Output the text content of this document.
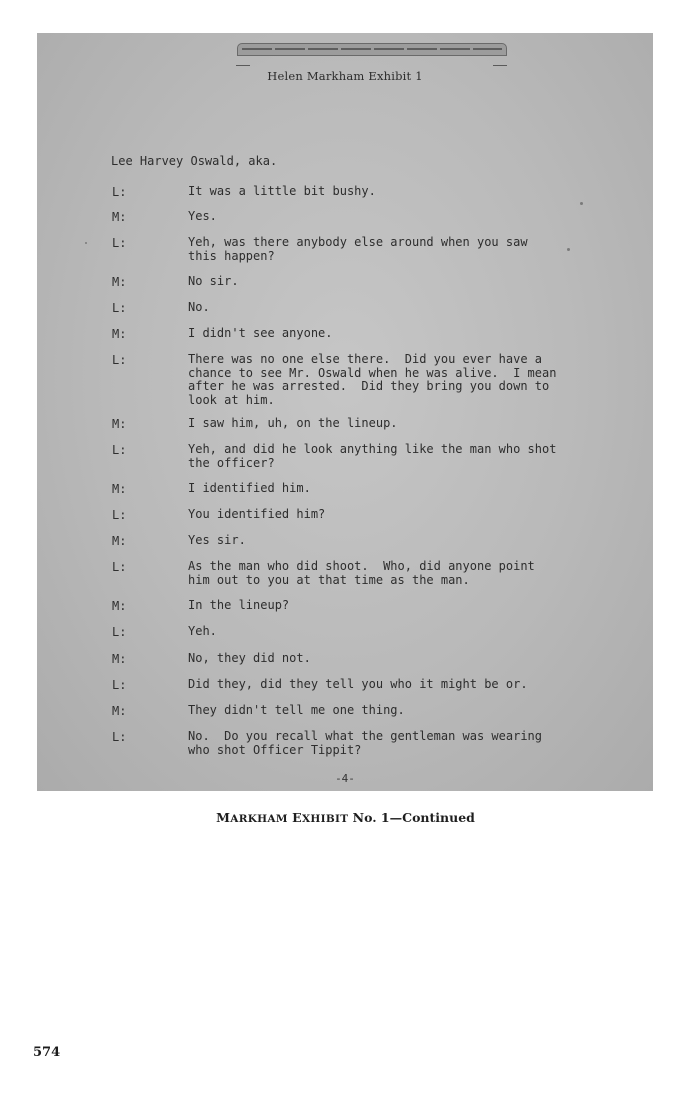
Helen Markham Exhibit 1
Lee Harvey Oswald, aka.
L:	It was a little bit bushy.
M:	Yes.
L:	Yeh, was there anybody else around when you saw
this happen?
M:	No sir.
L:	No.
M:	I didn't see anyone.
L:	There was no one else there.  Did you ever have a
chance to see Mr. Oswald when he was alive.  I mean
after he was arrested.  Did they bring you down to
look at him.
M:	I saw him, uh, on the lineup.
L:	Yeh, and did he look anything like the man who shot
the officer?
M:	I identified him.
L:	You identified him?
M:	Yes sir.
L:	As the man who did shoot.  Who, did anyone point
him out to you at that time as the man.
M:	In the lineup?
L:	Yeh.
M:	No, they did not.
L:	Did they, did they tell you who it might be or.
M:	They didn't tell me one thing.
L:	No.  Do you recall what the gentleman was wearing
who shot Officer Tippit?
-4-
MARKHAM EXHIBIT No. 1—Continued
574
